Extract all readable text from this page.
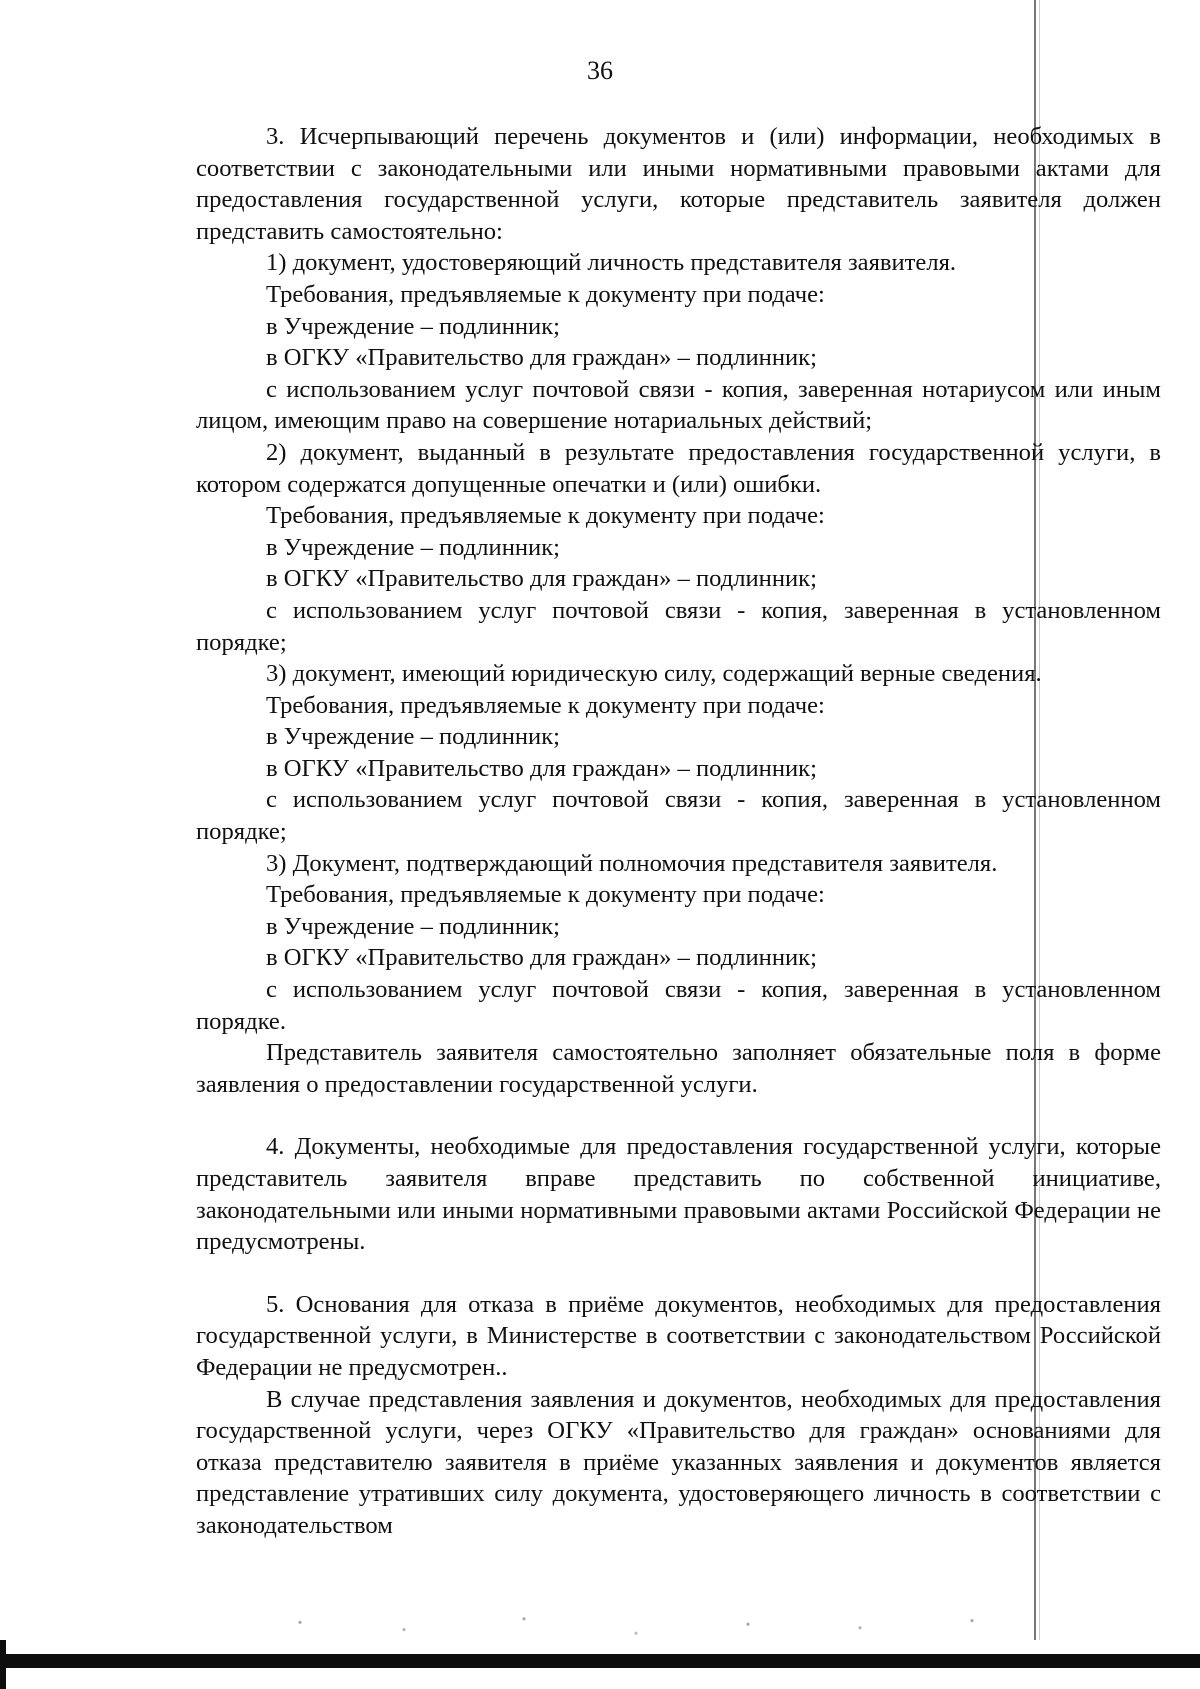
36

3. Исчерпывающий перечень документов и (или) информации, необходимых в соответствии с законодательными или иными нормативными правовыми актами для предоставления государственной услуги, которые представитель заявителя должен представить самостоятельно:

1) документ, удостоверяющий личность представителя заявителя.

Требования, предъявляемые к документу при подаче:

в Учреждение – подлинник;

в ОГКУ «Правительство для граждан» – подлинник;

с использованием услуг почтовой связи - копия, заверенная нотариусом или иным лицом, имеющим право на совершение нотариальных действий;

2) документ, выданный в результате предоставления государственной услуги, в котором содержатся допущенные опечатки и (или) ошибки.

Требования, предъявляемые к документу при подаче:

в Учреждение – подлинник;

в ОГКУ «Правительство для граждан» – подлинник;

с использованием услуг почтовой связи - копия, заверенная в установленном порядке;

3) документ, имеющий юридическую силу, содержащий верные сведения.

Требования, предъявляемые к документу при подаче:

в Учреждение – подлинник;

в ОГКУ «Правительство для граждан» – подлинник;

с использованием услуг почтовой связи - копия, заверенная в установленном порядке;

3) Документ, подтверждающий полномочия представителя заявителя.

Требования, предъявляемые к документу при подаче:

в Учреждение – подлинник;

в ОГКУ «Правительство для граждан» – подлинник;

с использованием услуг почтовой связи - копия, заверенная в установленном порядке.

Представитель заявителя самостоятельно заполняет обязательные поля в форме заявления о предоставлении государственной услуги.

4. Документы, необходимые для предоставления государственной услуги, которые представитель заявителя вправе представить по собственной инициативе, законодательными или иными нормативными правовыми актами Российской Федерации не предусмотрены.

5. Основания для отказа в приёме документов, необходимых для предоставления государственной услуги, в Министерстве в соответствии с законодательством Российской Федерации не предусмотрен..

В случае представления заявления и документов, необходимых для предоставления государственной услуги, через ОГКУ «Правительство для граждан» основаниями для отказа представителю заявителя в приёме указанных заявления и документов является представление утративших силу документа, удостоверяющего личность в соответствии с законодательством
